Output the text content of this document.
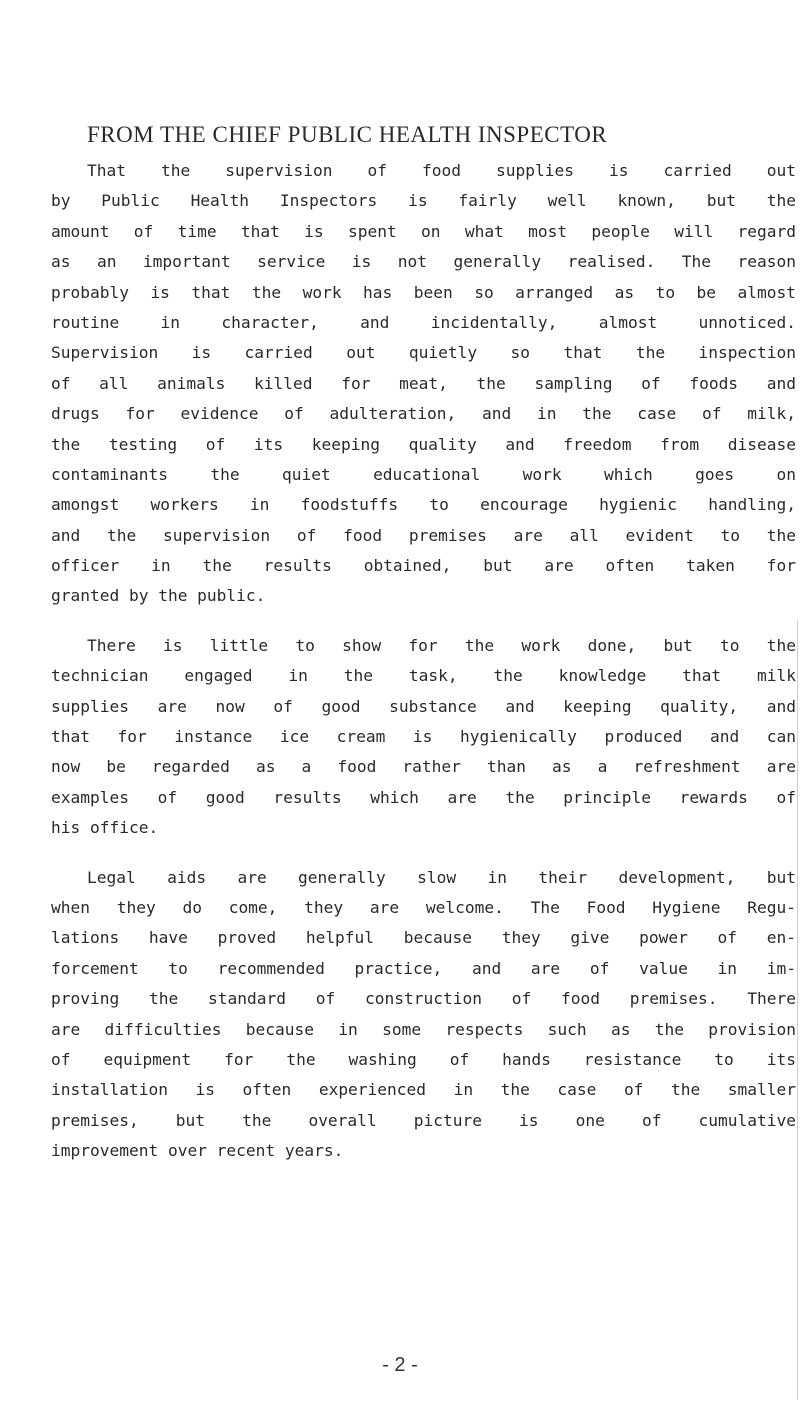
FROM THE CHIEF PUBLIC HEALTH INSPECTOR
That the supervision of food supplies is carried out
by Public Health Inspectors is fairly well known, but the
amount of time that is spent on what most people will regard
as an important service is not generally realised. The reason
probably is that the work has been so arranged as to be almost
routine in character, and incidentally, almost unnoticed.
Supervision is carried out quietly so that the inspection
of all animals killed for meat, the sampling of foods and
drugs for evidence of adulteration, and in the case of milk,
the testing of its keeping quality and freedom from disease
contaminants the quiet educational work which goes on
amongst workers in foodstuffs to encourage hygienic handling,
and the supervision of food premises are all evident to the
officer in the results obtained, but are often taken for
granted by the public.
There is little to show for the work done, but to the
technician engaged in the task, the knowledge that milk
supplies are now of good substance and keeping quality, and
that for instance ice cream is hygienically produced and can
now be regarded as a food rather than as a refreshment are
examples of good results which are the principle rewards of
his office.
Legal aids are generally slow in their development, but
when they do come, they are welcome. The Food Hygiene Regu-
lations have proved helpful because they give power of en-
forcement to recommended practice, and are of value in im-
proving the standard of construction of food premises. There
are difficulties because in some respects such as the provision
of equipment for the washing of hands resistance to its
installation is often experienced in the case of the smaller
premises, but the overall picture is one of cumulative
improvement over recent years.
- 2 -
